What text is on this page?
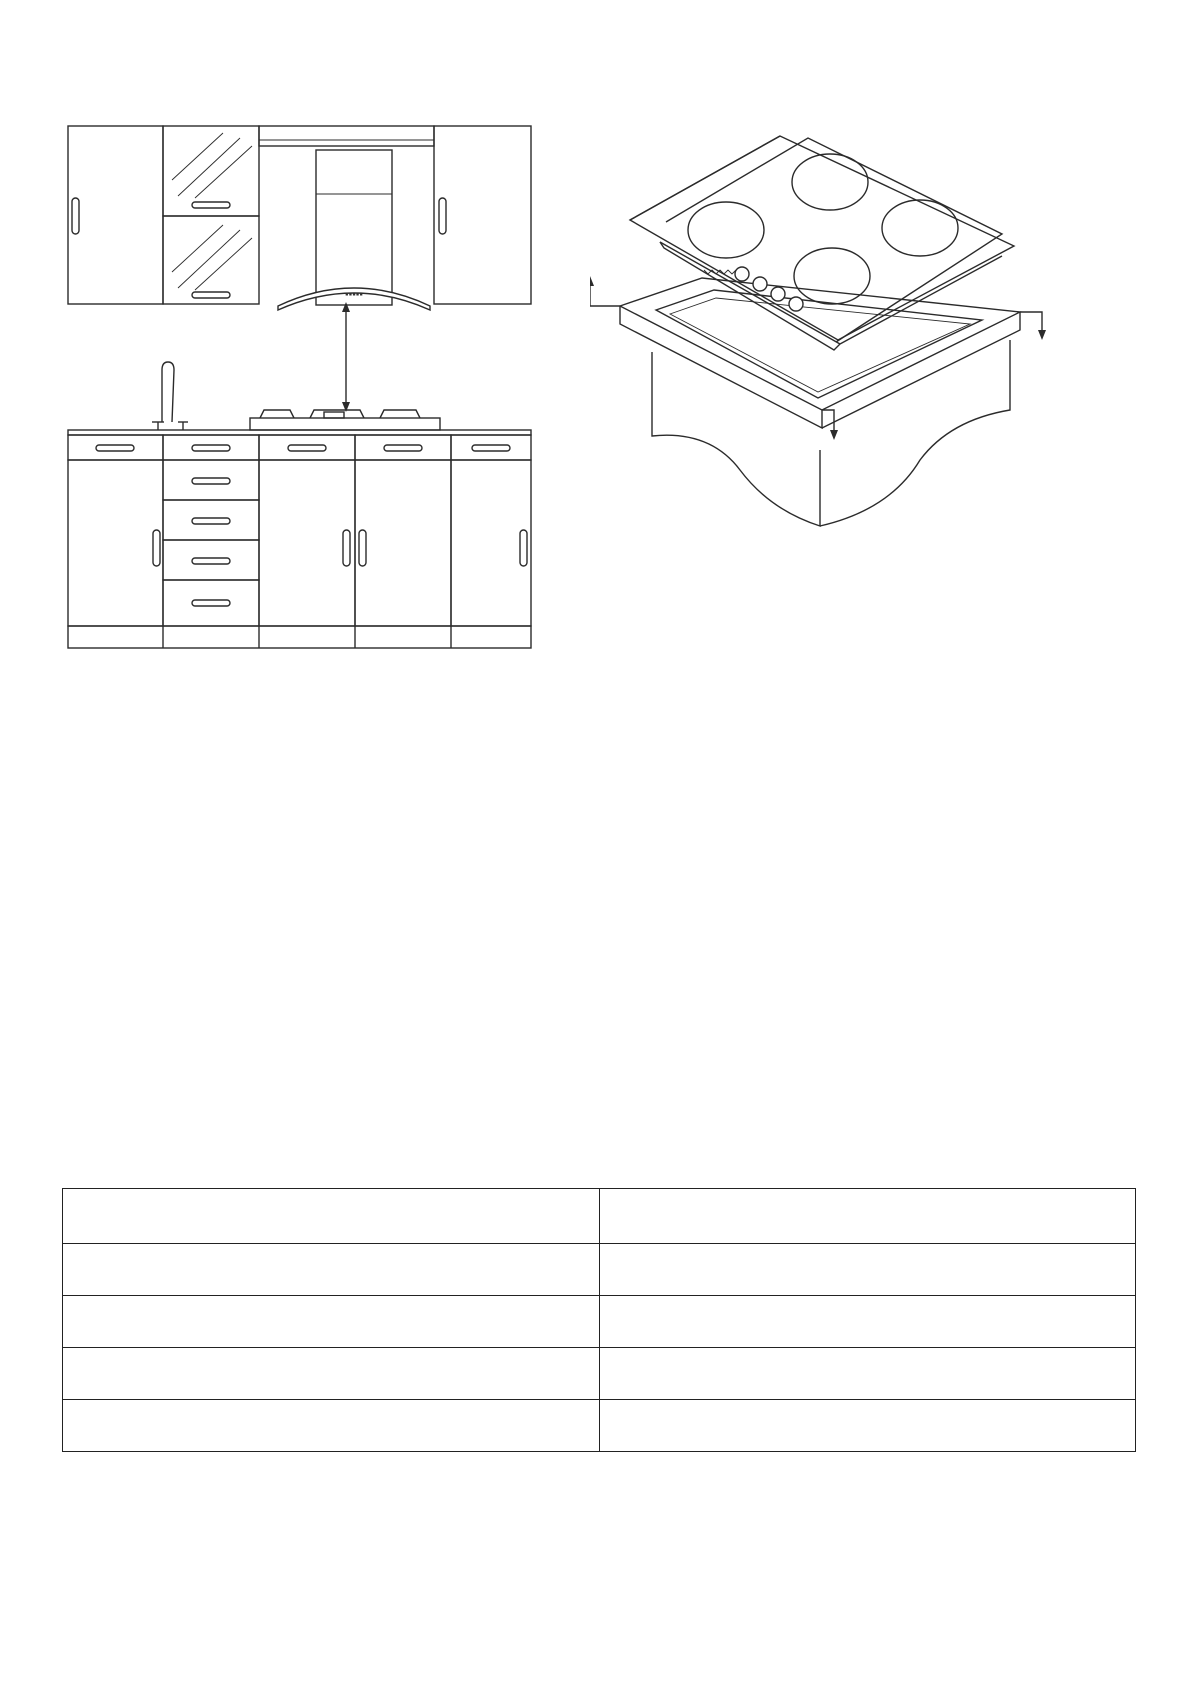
▪▪▪▪▪
